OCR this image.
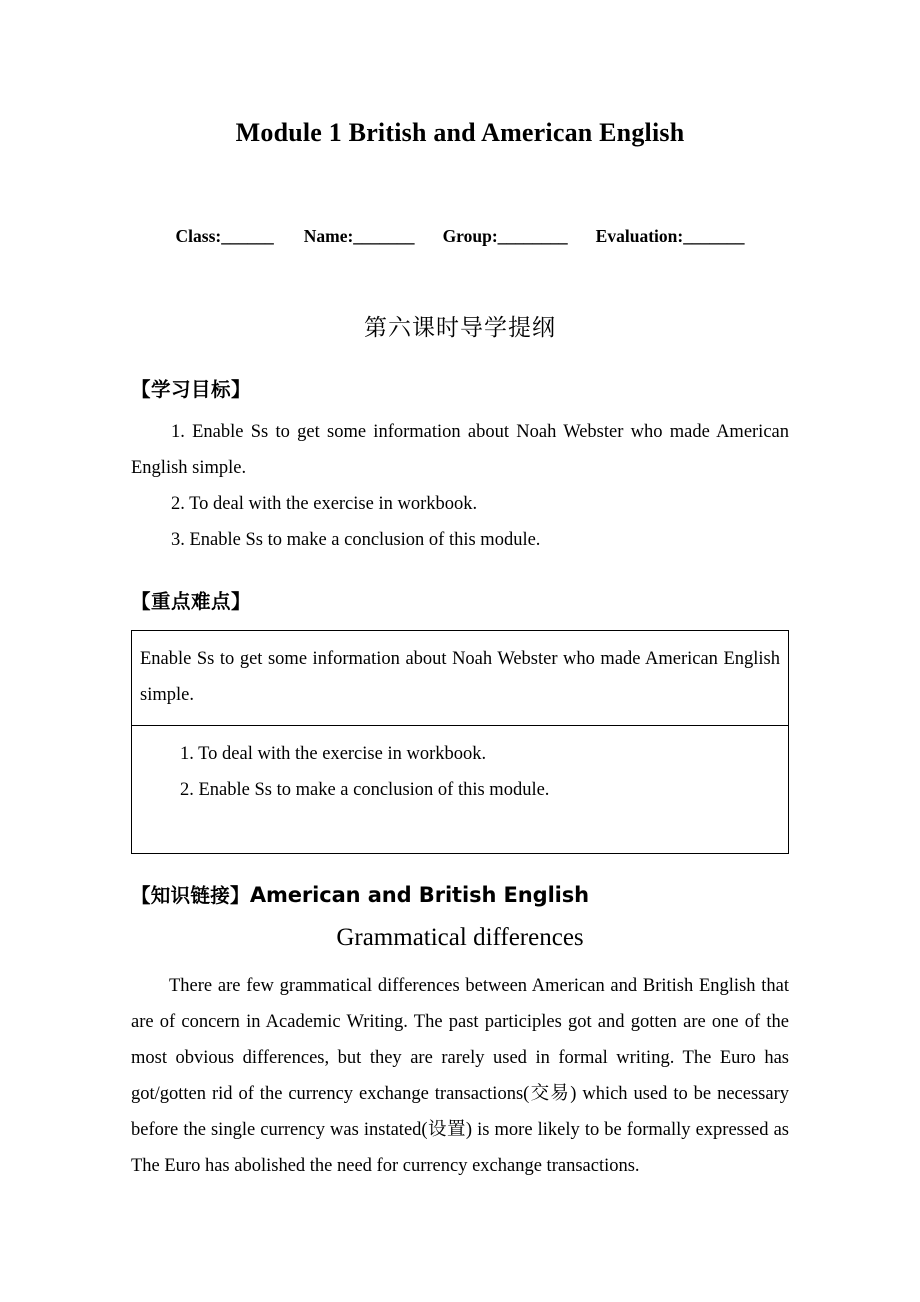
Module 1 British and American English
Class:______ Name:_______ Group:________ Evaluation:_______
第六课时导学提纲
【学习目标】

1. Enable Ss to get some information about Noah Webster who made American English simple.

2. To deal with the exercise in workbook.

3. Enable Ss to make a conclusion of this module.

【重点难点】

Enable Ss to get some information about Noah Webster who made American English simple.

1. To deal with the exercise in workbook.

2. Enable Ss to make a conclusion of this module.

【知识链接】American and British English
Grammatical differences

There are few grammatical differences between American and British English that are of concern in Academic Writing. The past participles got and gotten are one of the most obvious differences, but they are rarely used in formal writing. The Euro has got/gotten rid of the currency exchange transactions(交易) which used to be necessary before the single currency was instated(设置) is more likely to be formally expressed as The Euro has abolished the need for currency exchange transactions.
